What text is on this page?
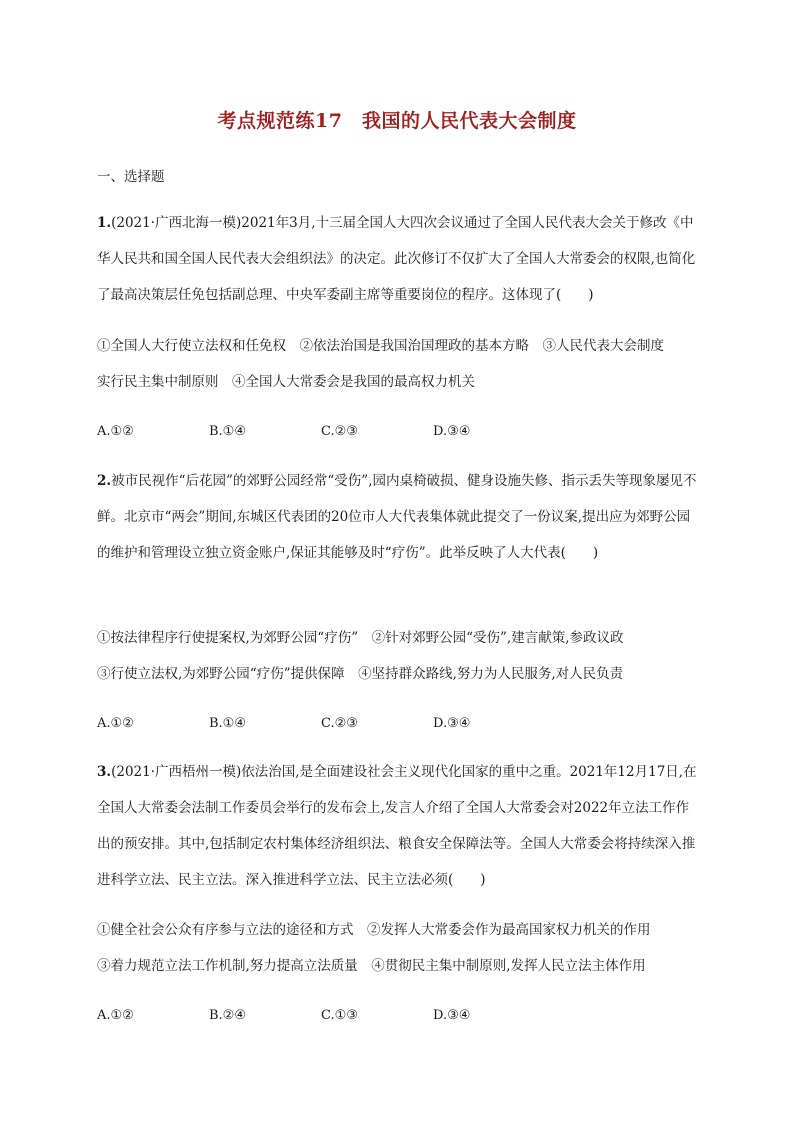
考点规范练17　我国的人民代表大会制度
一、选择题

1.(2021·广西北海一模)2021年3月,十三届全国人大四次会议通过了全国人民代表大会关于修改《中华人民共和国全国人民代表大会组织法》的决定。此次修订不仅扩大了全国人大常委会的权限,也简化了最高决策层任免包括副总理、中央军委副主席等重要岗位的程序。这体现了(　　)

①全国人大行使立法权和任免权　②依法治国是我国治国理政的基本方略　③人民代表大会制度
实行民主集中制原则　④全国人大常委会是我国的最高权力机关
A.①②	B.①④	C.②③	D.③④

2.被市民视作“后花园”的郊野公园经常“受伤”,园内桌椅破损、健身设施失修、指示丢失等现象屡见不鲜。北京市“两会”期间,东城区代表团的20位市人大代表集体就此提交了一份议案,提出应为郊野公园的维护和管理设立独立资金账户,保证其能够及时“疗伤”。此举反映了人大代表(　　)

①按法律程序行使提案权,为郊野公园“疗伤”　②针对郊野公园“受伤”,建言献策,参政议政
③行使立法权,为郊野公园“疗伤”提供保障　④坚持群众路线,努力为人民服务,对人民负责
A.①②	B.①④	C.②③	D.③④

3.(2021·广西梧州一模)依法治国,是全面建设社会主义现代化国家的重中之重。2021年12月17日,在全国人大常委会法制工作委员会举行的发布会上,发言人介绍了全国人大常委会对2022年立法工作作出的预安排。其中,包括制定农村集体经济组织法、粮食安全保障法等。全国人大常委会将持续深入推进科学立法、民主立法。深入推进科学立法、民主立法必须(　　)

①健全社会公众有序参与立法的途径和方式　②发挥人大常委会作为最高国家权力机关的作用
③着力规范立法工作机制,努力提高立法质量　④贯彻民主集中制原则,发挥人民立法主体作用
A.①②	B.②④	C.①③	D.③④
